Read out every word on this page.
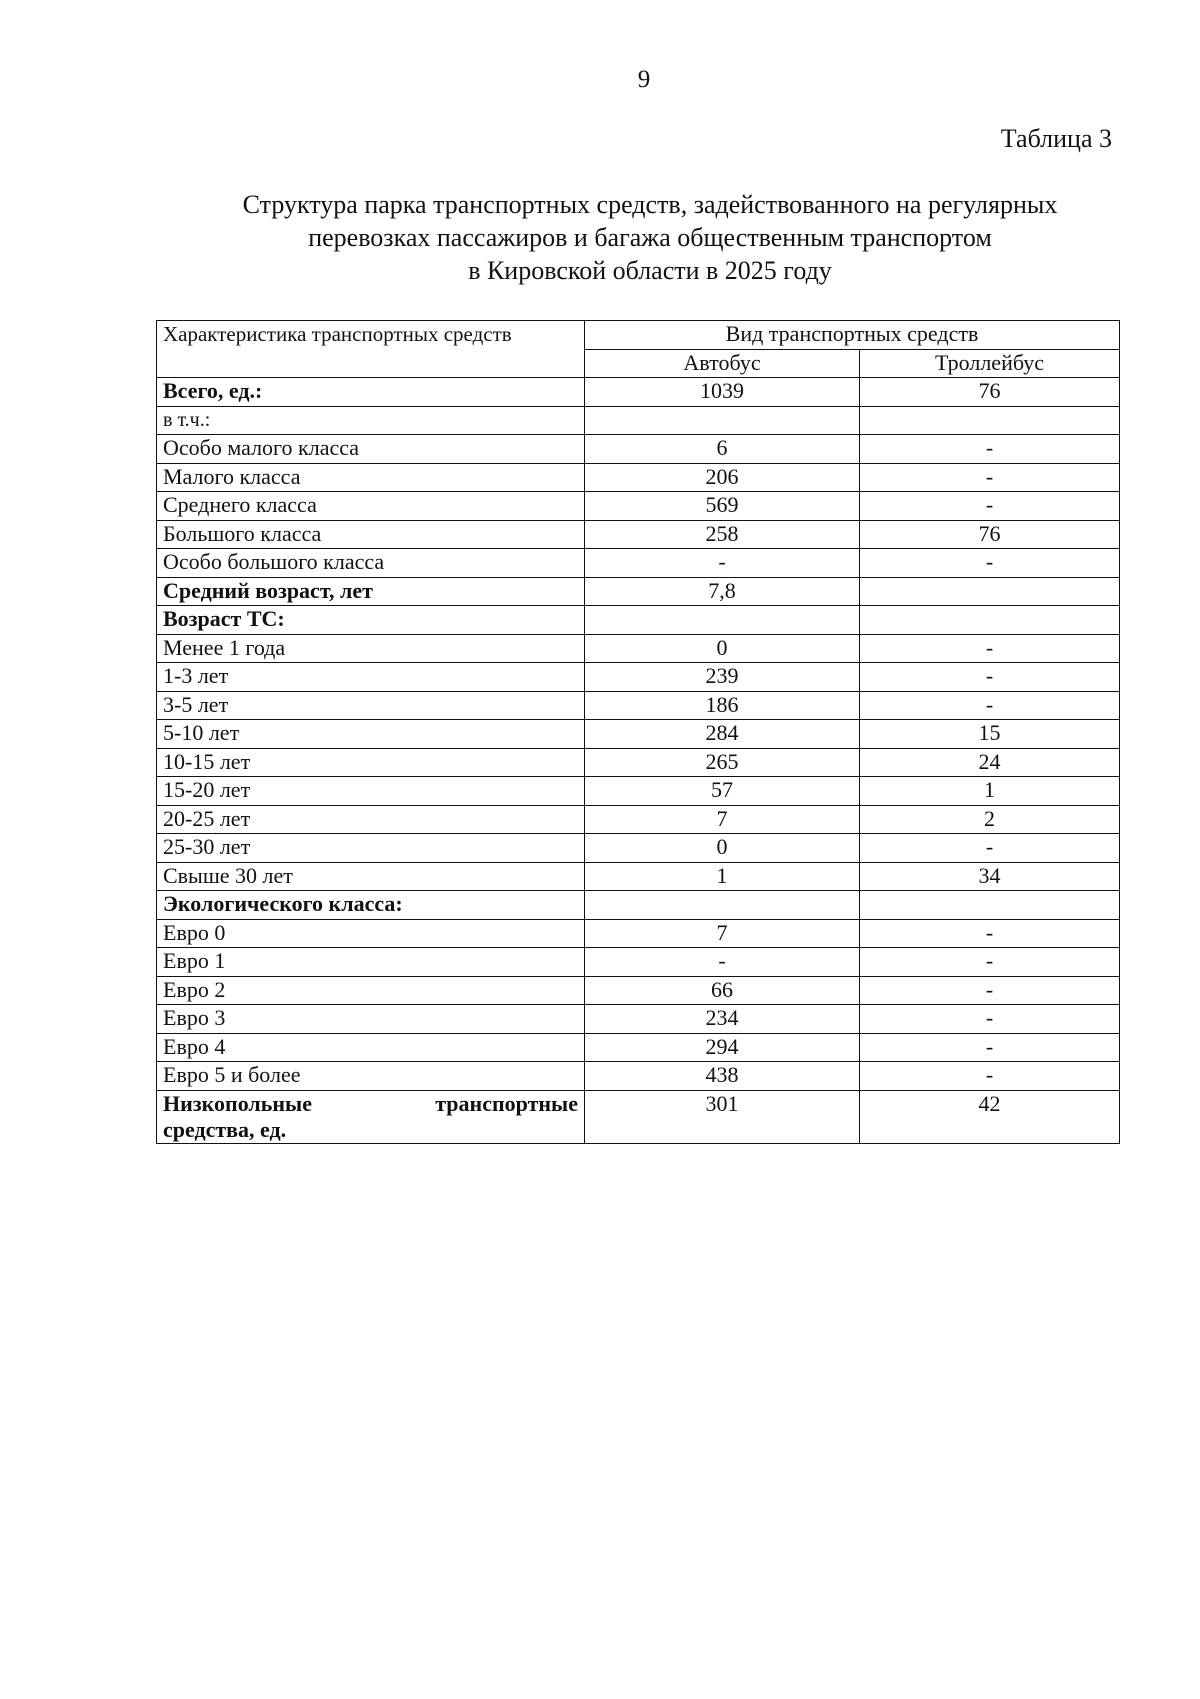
9
Таблица 3
Структура парка транспортных средств, задействованного на регулярных
перевозках пассажиров и багажа общественным транспортом
в Кировской области в 2025 году
Характеристика транспортных средств	Вид транспортных средств	
	Автобус	Троллейбус
Всего, ед.:	1039	76
в т.ч.:		
Особо малого класса	6	-
Малого класса	206	-
Среднего класса	569	-
Большого класса	258	76
Особо большого класса	-	-
Средний возраст, лет	7,8	
Возраст ТС:		
Менее 1 года	0	-
1-3 лет	239	-
3-5 лет	186	-
5-10 лет	284	15
10-15 лет	265	24
15-20 лет	57	1
20-25 лет	7	2
25-30 лет	0	-
Свыше 30 лет	1	34
Экологического класса:		
Евро 0	7	-
Евро 1	-	-
Евро 2	66	-
Евро 3	234	-
Евро 4	294	-
Евро 5 и более	438	-

Низкопольные транспортные
средства, ед.	301	42
